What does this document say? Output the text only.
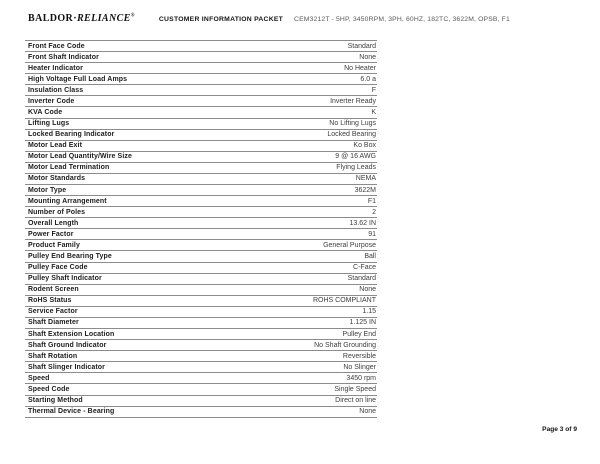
BALDOR·RELIANCE®	CUSTOMER INFORMATION PACKET CEM3212T - 5HP, 3450RPM, 3PH, 60HZ, 182TC, 3622M, OPSB, F1
Front Face Code	Standard
Front Shaft Indicator	None
Heater Indicator	No Heater
High Voltage Full Load Amps	6.0 a
Insulation Class	F
Inverter Code	Inverter Ready
KVA Code	K
Lifting Lugs	No Lifting Lugs
Locked Bearing Indicator	Locked Bearing
Motor Lead Exit	Ko Box
Motor Lead Quantity/Wire Size	9 @ 16 AWG
Motor Lead Termination	Flying Leads
Motor Standards	NEMA
Motor Type	3622M
Mounting Arrangement	F1
Number of Poles	2
Overall Length	13.62 IN
Power Factor	91
Product Family	General Purpose
Pulley End Bearing Type	Ball
Pulley Face Code	C-Face
Pulley Shaft Indicator	Standard
Rodent Screen	None
RoHS Status	ROHS COMPLIANT
Service Factor	1.15
Shaft Diameter	1.125 IN
Shaft Extension Location	Pulley End
Shaft Ground Indicator	No Shaft Grounding
Shaft Rotation	Reversible
Shaft Slinger Indicator	No Slinger
Speed	3450 rpm
Speed Code	Single Speed
Starting Method	Direct on line
Thermal Device - Bearing	None
Page 3 of 9
